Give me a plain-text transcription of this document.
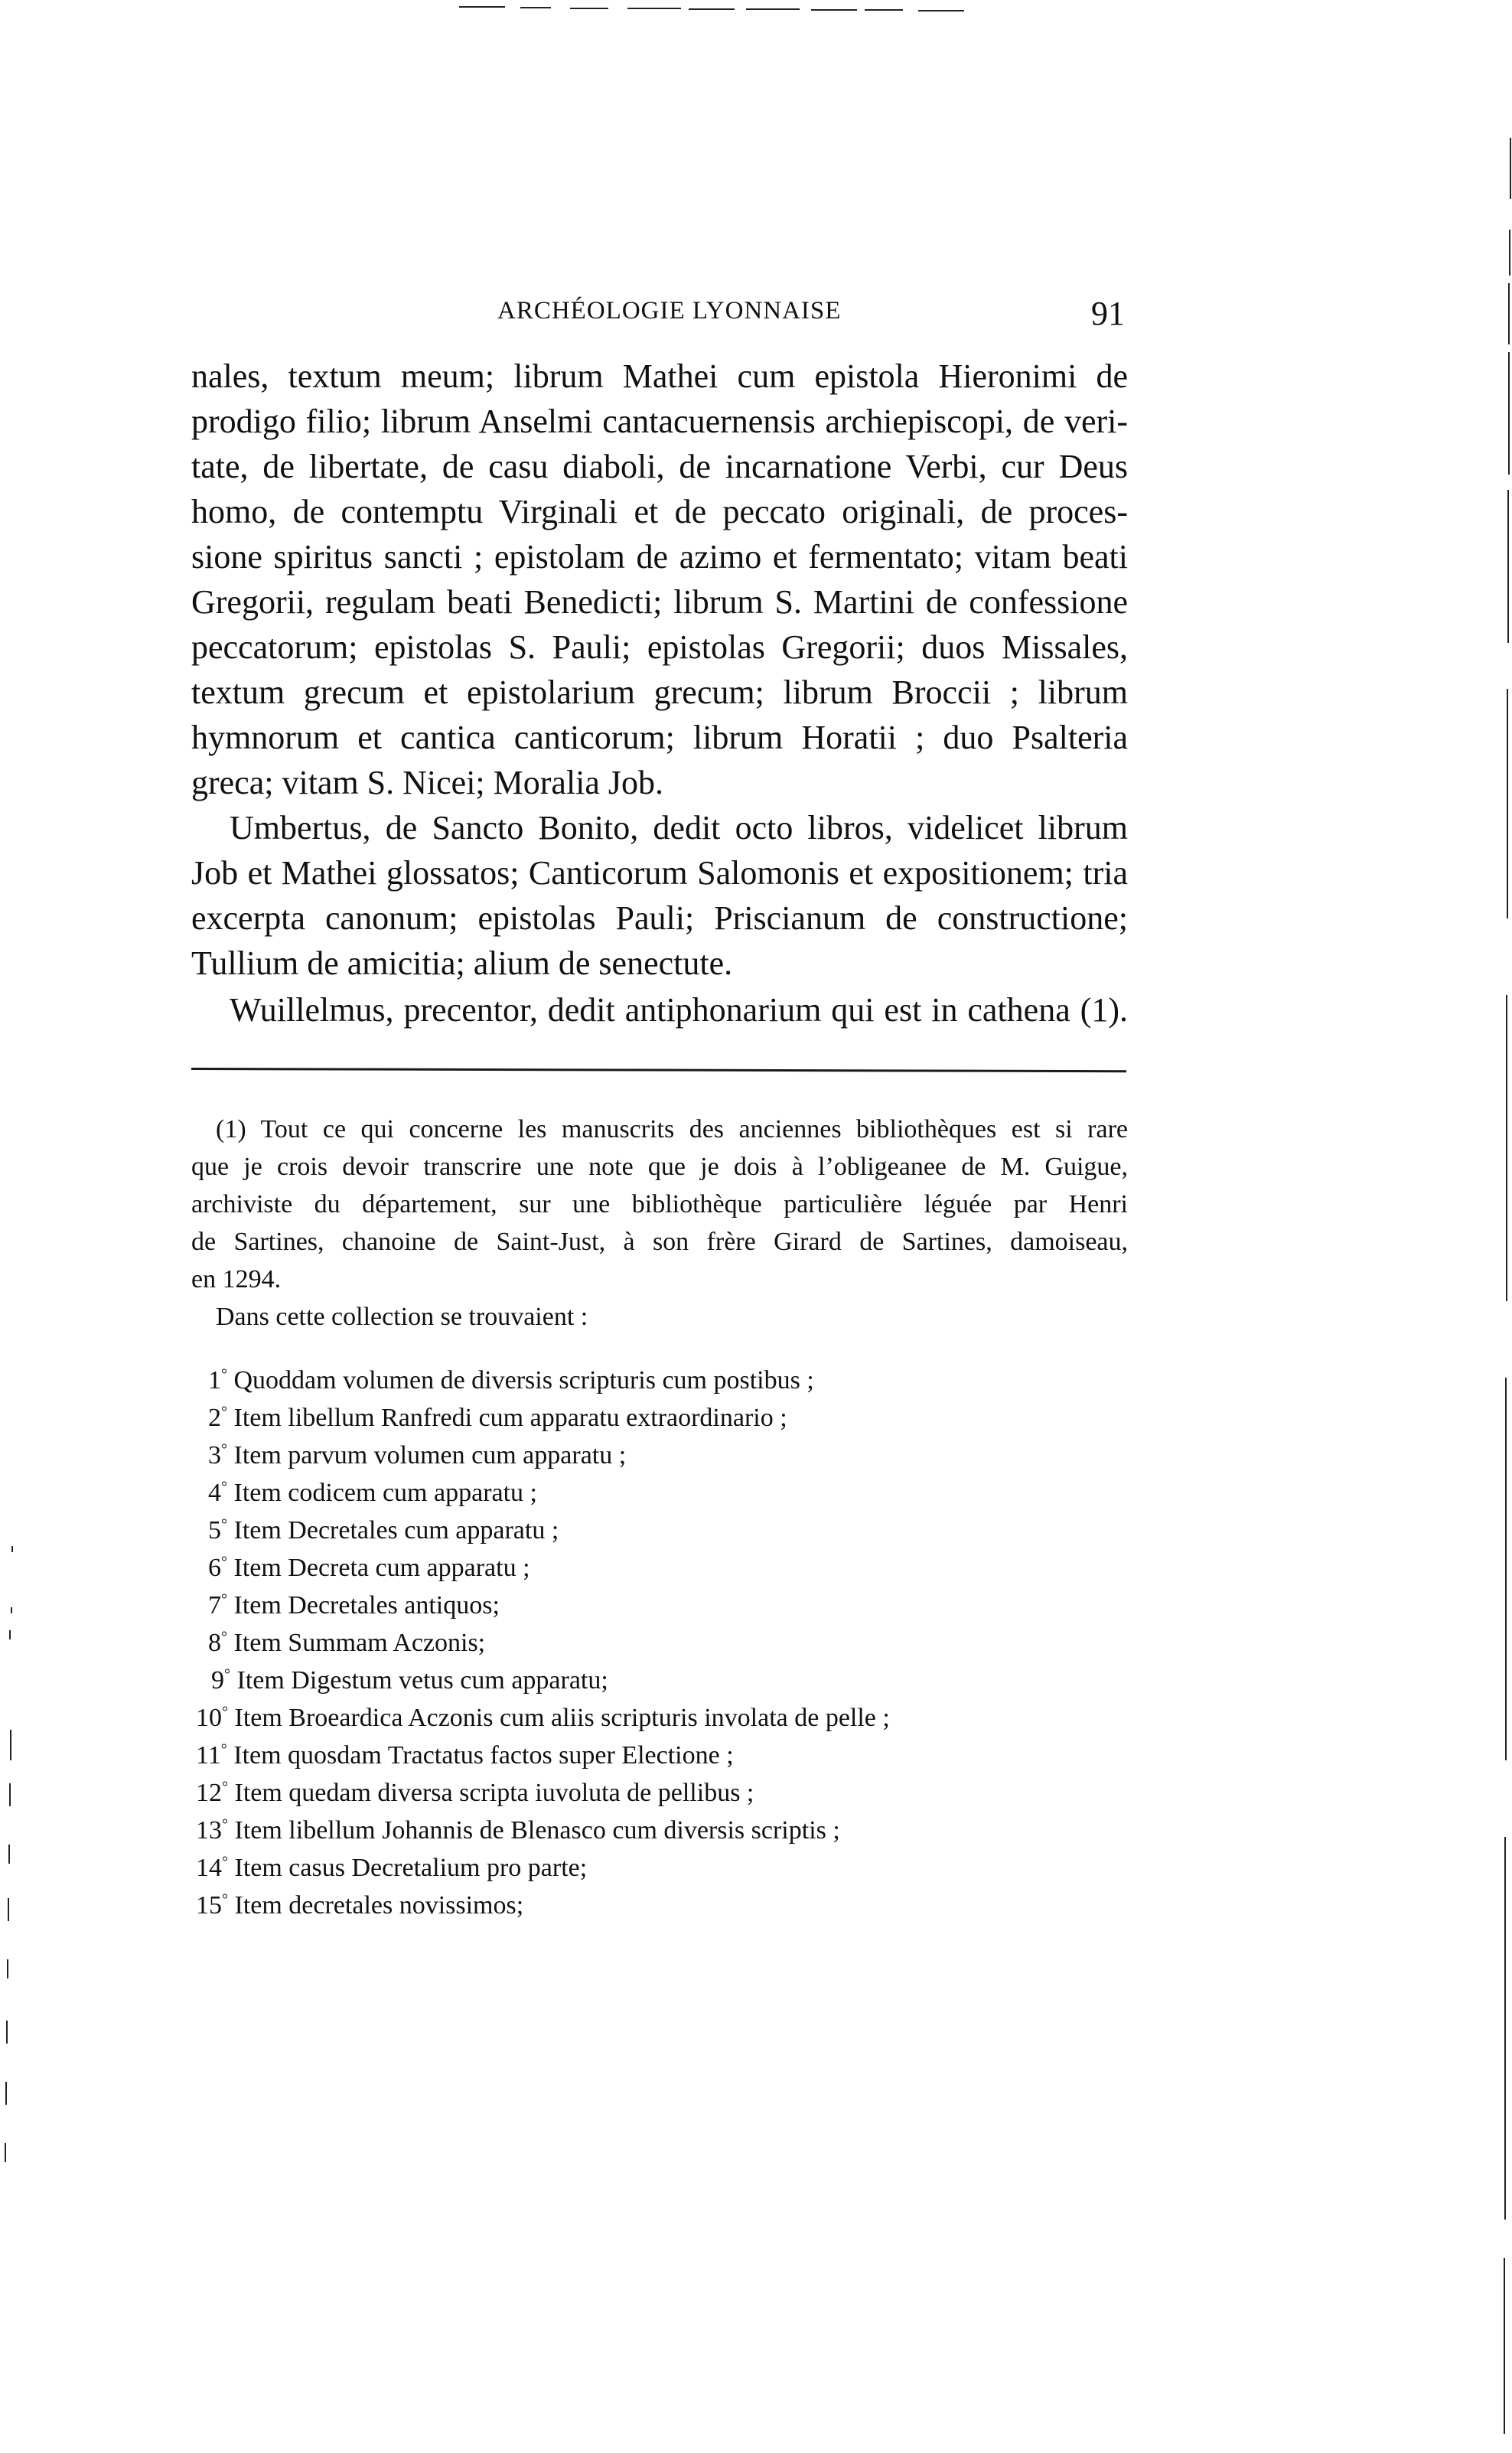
ARCHÉOLOGIE LYONNAISE	91
nales, textum meum; librum Mathei cum epistola Hieronimi de
prodigo filio; librum Anselmi cantacuernensis archiepiscopi, de veri-
tate, de libertate, de casu diaboli, de incarnatione Verbi, cur Deus
homo, de contemptu Virginali et de peccato originali, de proces-
sione spiritus sancti ; epistolam de azimo et fermentato; vitam beati
Gregorii, regulam beati Benedicti; librum S. Martini de confessione
peccatorum; epistolas S. Pauli; epistolas Gregorii; duos Missales,
textum grecum et epistolarium grecum; librum Broccii ; librum
hymnorum et cantica canticorum; librum Horatii ; duo Psalteria
greca; vitam S. Nicei; Moralia Job.
Umbertus, de Sancto Bonito, dedit octo libros, videlicet librum
Job et Mathei glossatos; Canticorum Salomonis et expositionem; tria
excerpta canonum; epistolas Pauli; Priscianum de constructione;
Tullium de amicitia; alium de senectute.
Wuillelmus, precentor, dedit antiphonarium qui est in cathena (1).
(1) Tout ce qui concerne les manuscrits des anciennes bibliothèques est si rare
que je crois devoir transcrire une note que je dois à l’obligeanee de M. Guigue,
archiviste du département, sur une bibliothèque particulière léguée par Henri
de Sartines, chanoine de Saint-Just, à son frère Girard de Sartines, damoiseau,
en 1294.
Dans cette collection se trouvaient :
1° Quoddam volumen de diversis scripturis cum postibus ;
2° Item libellum Ranfredi cum apparatu extraordinario ;
3° Item parvum volumen cum apparatu ;
4° Item codicem cum apparatu ;
5° Item Decretales cum apparatu ;
6° Item Decreta cum apparatu ;
7° Item Decretales antiquos;
8° Item Summam Aczonis;
9° Item Digestum vetus cum apparatu;
10° Item Broeardica Aczonis cum aliis scripturis involata de pelle ;
11° Item quosdam Tractatus factos super Electione ;
12° Item quedam diversa scripta iuvoluta de pellibus ;
13° Item libellum Johannis de Blenasco cum diversis scriptis ;
14° Item casus Decretalium pro parte;
15° Item decretales novissimos;
